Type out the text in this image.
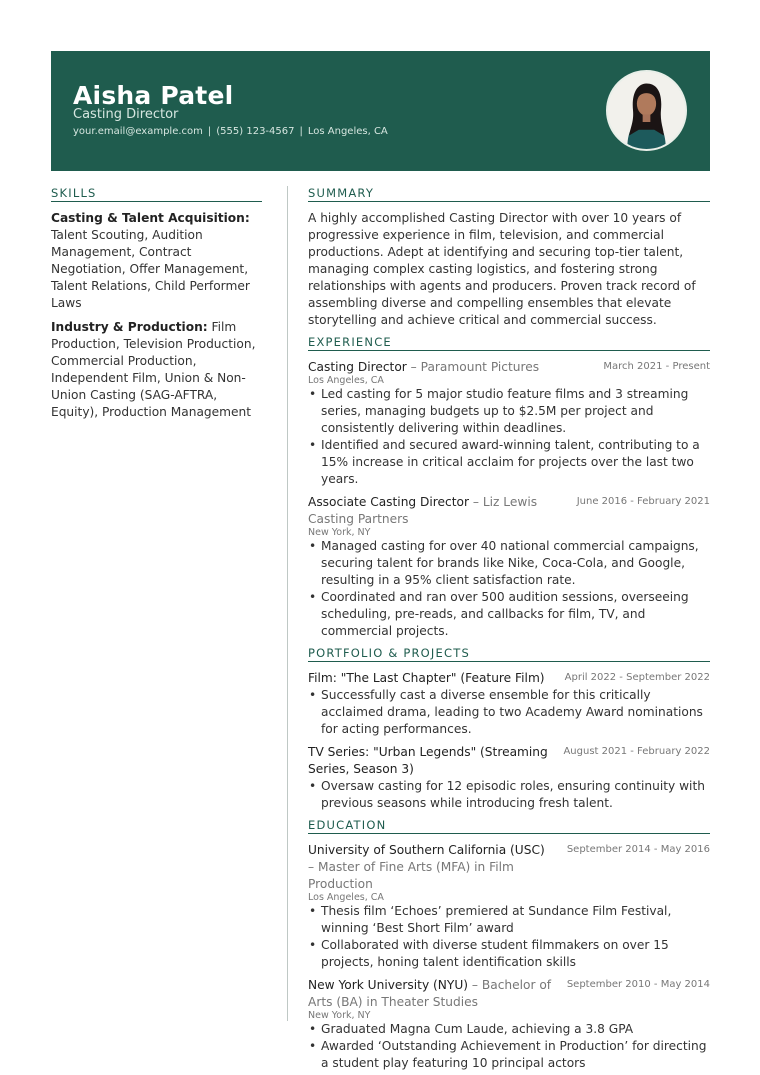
Aisha Patel
Casting Director
your.email@example.com | (555) 123-4567 | Los Angeles, CA
SKILLS
Casting & Talent Acquisition: Talent Scouting, Audition Management, Contract Negotiation, Offer Management, Talent Relations, Child Performer Laws
Industry & Production: Film Production, Television Production, Commercial Production, Independent Film, Union & Non-Union Casting (SAG-AFTRA, Equity), Production Management
SUMMARY
A highly accomplished Casting Director with over 10 years of progressive experience in film, television, and commercial productions. Adept at identifying and securing top-tier talent, managing complex casting logistics, and fostering strong relationships with agents and producers. Proven track record of assembling diverse and compelling ensembles that elevate storytelling and achieve critical and commercial success.
EXPERIENCE
Casting Director – Paramount Pictures	March 2021 - Present
Los Angeles, CA
• Led casting for 5 major studio feature films and 3 streaming series, managing budgets up to $2.5M per project and consistently delivering within deadlines.
• Identified and secured award-winning talent, contributing to a 15% increase in critical acclaim for projects over the last two years.
Associate Casting Director – Liz Lewis Casting Partners
June 2016 - February 2021
New York, NY
• Managed casting for over 40 national commercial campaigns, securing talent for brands like Nike, Coca-Cola, and Google, resulting in a 95% client satisfaction rate.
• Coordinated and ran over 500 audition sessions, overseeing scheduling, pre-reads, and callbacks for film, TV, and commercial projects.
PORTFOLIO & PROJECTS
Film: "The Last Chapter" (Feature Film) April 2022 - September 2022
• Successfully cast a diverse ensemble for this critically acclaimed drama, leading to two Academy Award nominations for acting performances.
TV Series: "Urban Legends" (Streaming Series, Season 3)
August 2021 - February 2022
• Oversaw casting for 12 episodic roles, ensuring continuity with previous seasons while introducing fresh talent.
EDUCATION
University of Southern California (USC) – Master of Fine Arts (MFA) in Film Production
September 2014 - May 2016
Los Angeles, CA
• Thesis film ‘Echoes’ premiered at Sundance Film Festival, winning ‘Best Short Film’ award
• Collaborated with diverse student filmmakers on over 15 projects, honing talent identification skills
New York University (NYU) – Bachelor of Arts (BA) in Theater Studies
September 2010 - May 2014
New York, NY
• Graduated Magna Cum Laude, achieving a 3.8 GPA
• Awarded ‘Outstanding Achievement in Production’ for directing a student play featuring 10 principal actors
